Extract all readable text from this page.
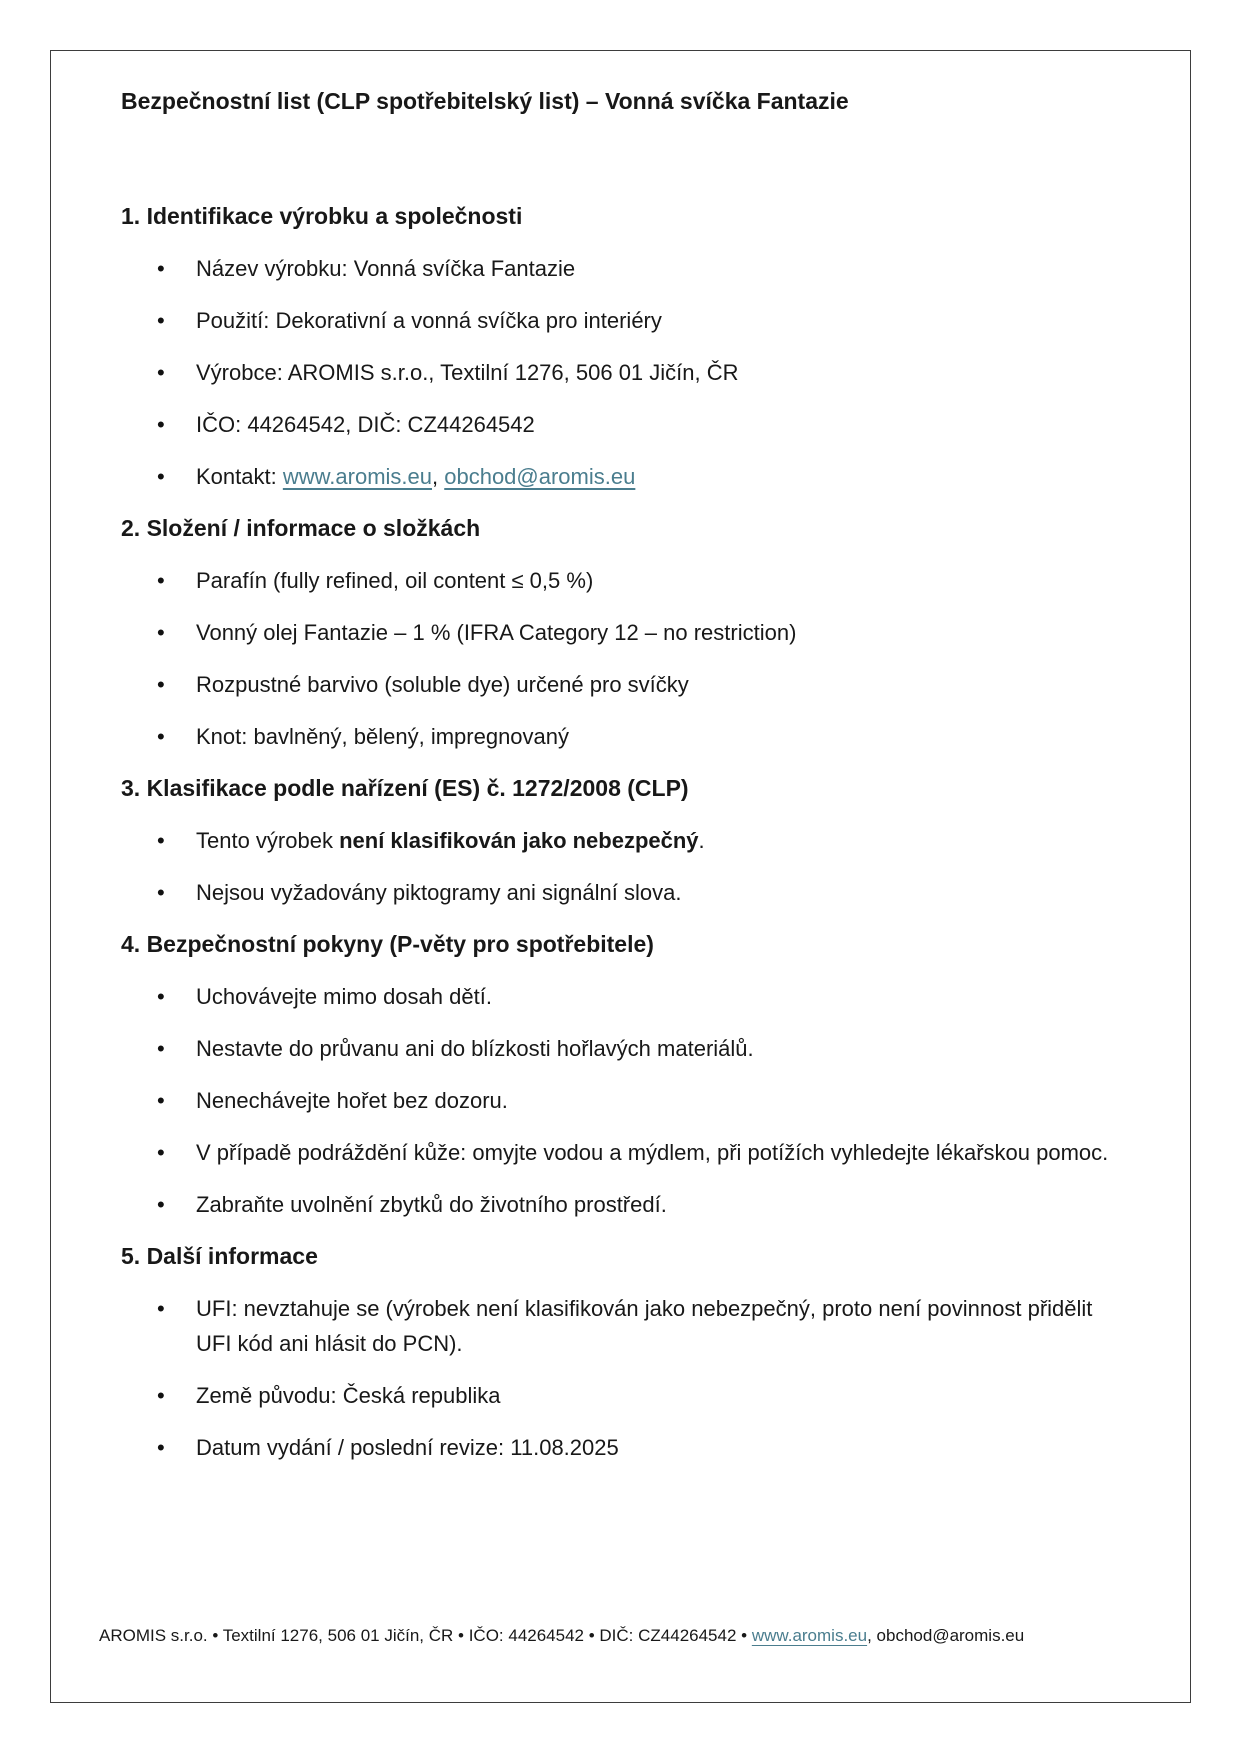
Bezpečnostní list (CLP spotřebitelský list) – Vonná svíčka Fantazie
1. Identifikace výrobku a společnosti
• Název výrobku: Vonná svíčka Fantazie
• Použití: Dekorativní a vonná svíčka pro interiéry
• Výrobce: AROMIS s.r.o., Textilní 1276, 506 01 Jičín, ČR
• IČO: 44264542, DIČ: CZ44264542
• Kontakt: www.aromis.eu, obchod@aromis.eu
2. Složení / informace o složkách
• Parafín (fully refined, oil content ≤ 0,5 %)
• Vonný olej Fantazie – 1 % (IFRA Category 12 – no restriction)
• Rozpustné barvivo (soluble dye) určené pro svíčky
• Knot: bavlněný, bělený, impregnovaný
3. Klasifikace podle nařízení (ES) č. 1272/2008 (CLP)
• Tento výrobek není klasifikován jako nebezpečný.
• Nejsou vyžadovány piktogramy ani signální slova.
4. Bezpečnostní pokyny (P-věty pro spotřebitele)
• Uchovávejte mimo dosah dětí.
• Nestavte do průvanu ani do blízkosti hořlavých materiálů.
• Nenechávejte hořet bez dozoru.
• V případě podráždění kůže: omyjte vodou a mýdlem, při potížích vyhledejte lékařskou pomoc.
• Zabraňte uvolnění zbytků do životního prostředí.
5. Další informace
• UFI: nevztahuje se (výrobek není klasifikován jako nebezpečný, proto není povinnost přidělit UFI kód ani hlásit do PCN).
• Země původu: Česká republika
• Datum vydání / poslední revize: 11.08.2025
AROMIS s.r.o. • Textilní 1276, 506 01 Jičín, ČR • IČO: 44264542 • DIČ: CZ44264542 • www.aromis.eu, obchod@aromis.eu
